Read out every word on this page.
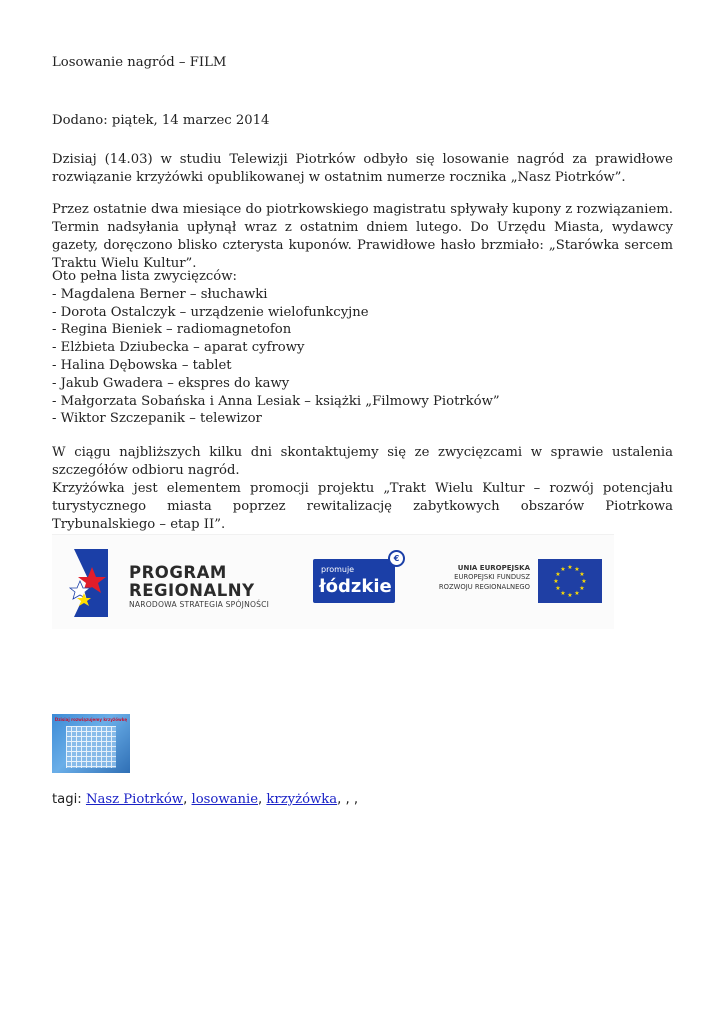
Losowanie nagród – FILM
Dodano: piątek, 14 marzec 2014
Dzisiaj (14.03) w studiu Telewizji Piotrków odbyło się losowanie nagród za prawidłowe rozwiązanie krzyżówki opublikowanej w ostatnim numerze rocznika „Nasz Piotrków”.
Przez ostatnie dwa miesiące do piotrkowskiego magistratu spływały kupony z rozwiązaniem. Termin nadsyłania upłynął wraz z ostatnim dniem lutego. Do Urzędu Miasta, wydawcy gazety, doręczono blisko czterysta kuponów. Prawidłowe hasło brzmiało: „Starówka sercem Traktu Wielu Kultur”.
Oto pełna lista zwycięzców:
- Magdalena Berner – słuchawki
- Dorota Ostalczyk – urządzenie wielofunkcyjne
- Regina Bieniek – radiomagnetofon
- Elżbieta Dziubecka – aparat cyfrowy
- Halina Dębowska – tablet
- Jakub Gwadera – ekspres do kawy
- Małgorzata Sobańska i Anna Lesiak – książki „Filmowy Piotrków”
- Wiktor Szczepanik – telewizor
W ciągu najbliższych kilku dni skontaktujemy się ze zwycięzcami w sprawie ustalenia szczegółów odbioru nagród.
Krzyżówka jest elementem promocji projektu „Trakt Wielu Kultur – rozwój potencjału turystycznego miasta poprzez rewitalizację zabytkowych obszarów Piotrkowa Trybunalskiego – etap II”.
PROGRAM
REGIONALNY
NARODOWA STRATEGIA SPÓJNOŚCI
promuje
łódzkie
€
UNIA EUROPEJSKA
EUROPEJSKI FUNDUSZ
ROZWOJU REGIONALNEGO
★ ★
★
★
★
★
★
★
★
★
★
★
Dzisiaj rozwiązujemy krzyżówkę
tagi: Nasz Piotrków, losowanie, krzyżówka, , ,
